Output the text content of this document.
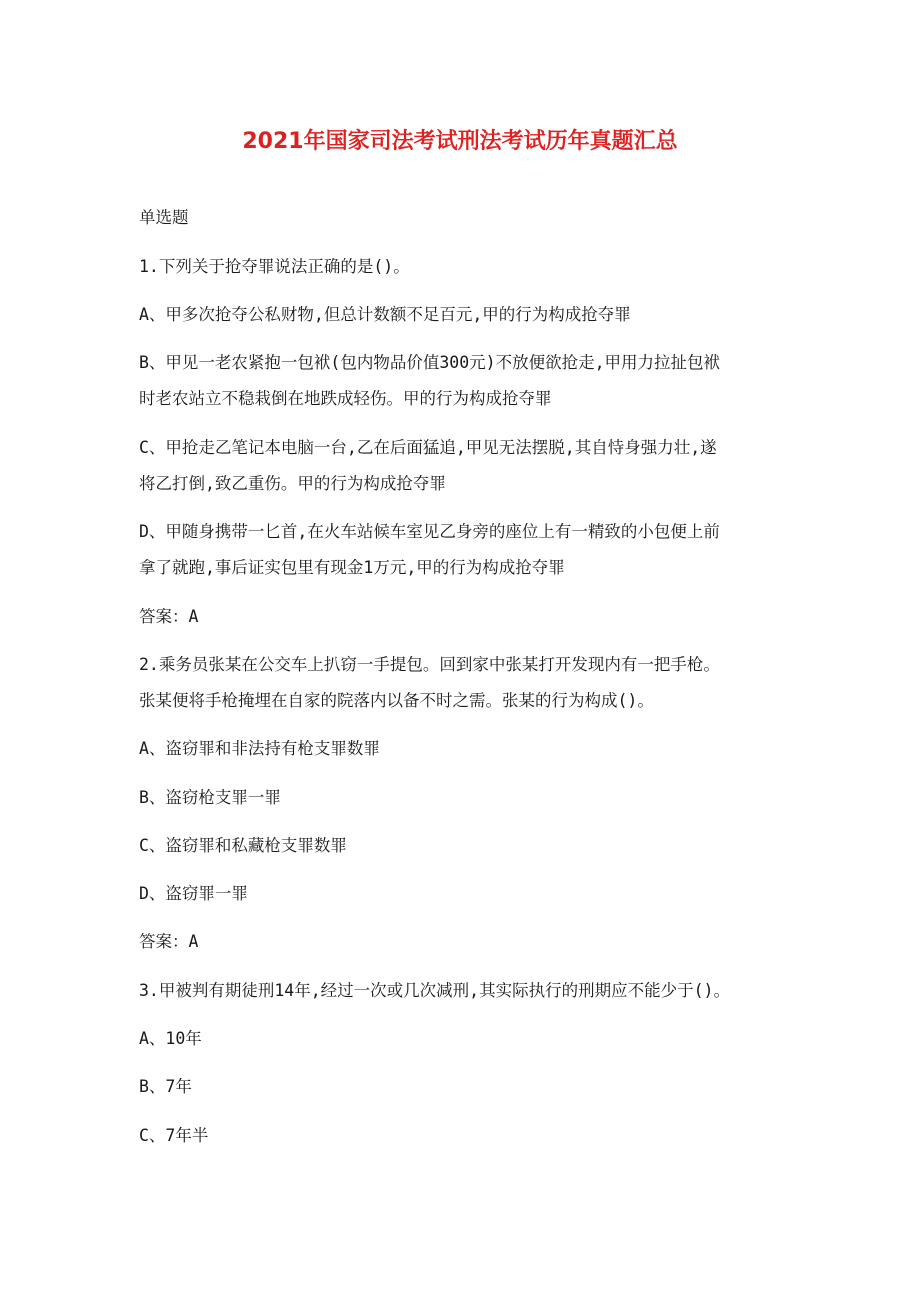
2021年国家司法考试刑法考试历年真题汇总
单选题
1.下列关于抢夺罪说法正确的是()。
A、甲多次抢夺公私财物,但总计数额不足百元,甲的行为构成抢夺罪
B、甲见一老农紧抱一包袱(包内物品价值300元)不放便欲抢走,甲用力拉扯包袱
时老农站立不稳栽倒在地跌成轻伤。甲的行为构成抢夺罪
C、甲抢走乙笔记本电脑一台,乙在后面猛追,甲见无法摆脱,其自恃身强力壮,遂
将乙打倒,致乙重伤。甲的行为构成抢夺罪
D、甲随身携带一匕首,在火车站候车室见乙身旁的座位上有一精致的小包便上前
拿了就跑,事后证实包里有现金1万元,甲的行为构成抢夺罪
答案：A
2.乘务员张某在公交车上扒窃一手提包。回到家中张某打开发现内有一把手枪。
张某便将手枪掩埋在自家的院落内以备不时之需。张某的行为构成()。
A、盗窃罪和非法持有枪支罪数罪
B、盗窃枪支罪一罪
C、盗窃罪和私藏枪支罪数罪
D、盗窃罪一罪
答案：A
3.甲被判有期徒刑14年,经过一次或几次减刑,其实际执行的刑期应不能少于()。
A、10年
B、7年
C、7年半
